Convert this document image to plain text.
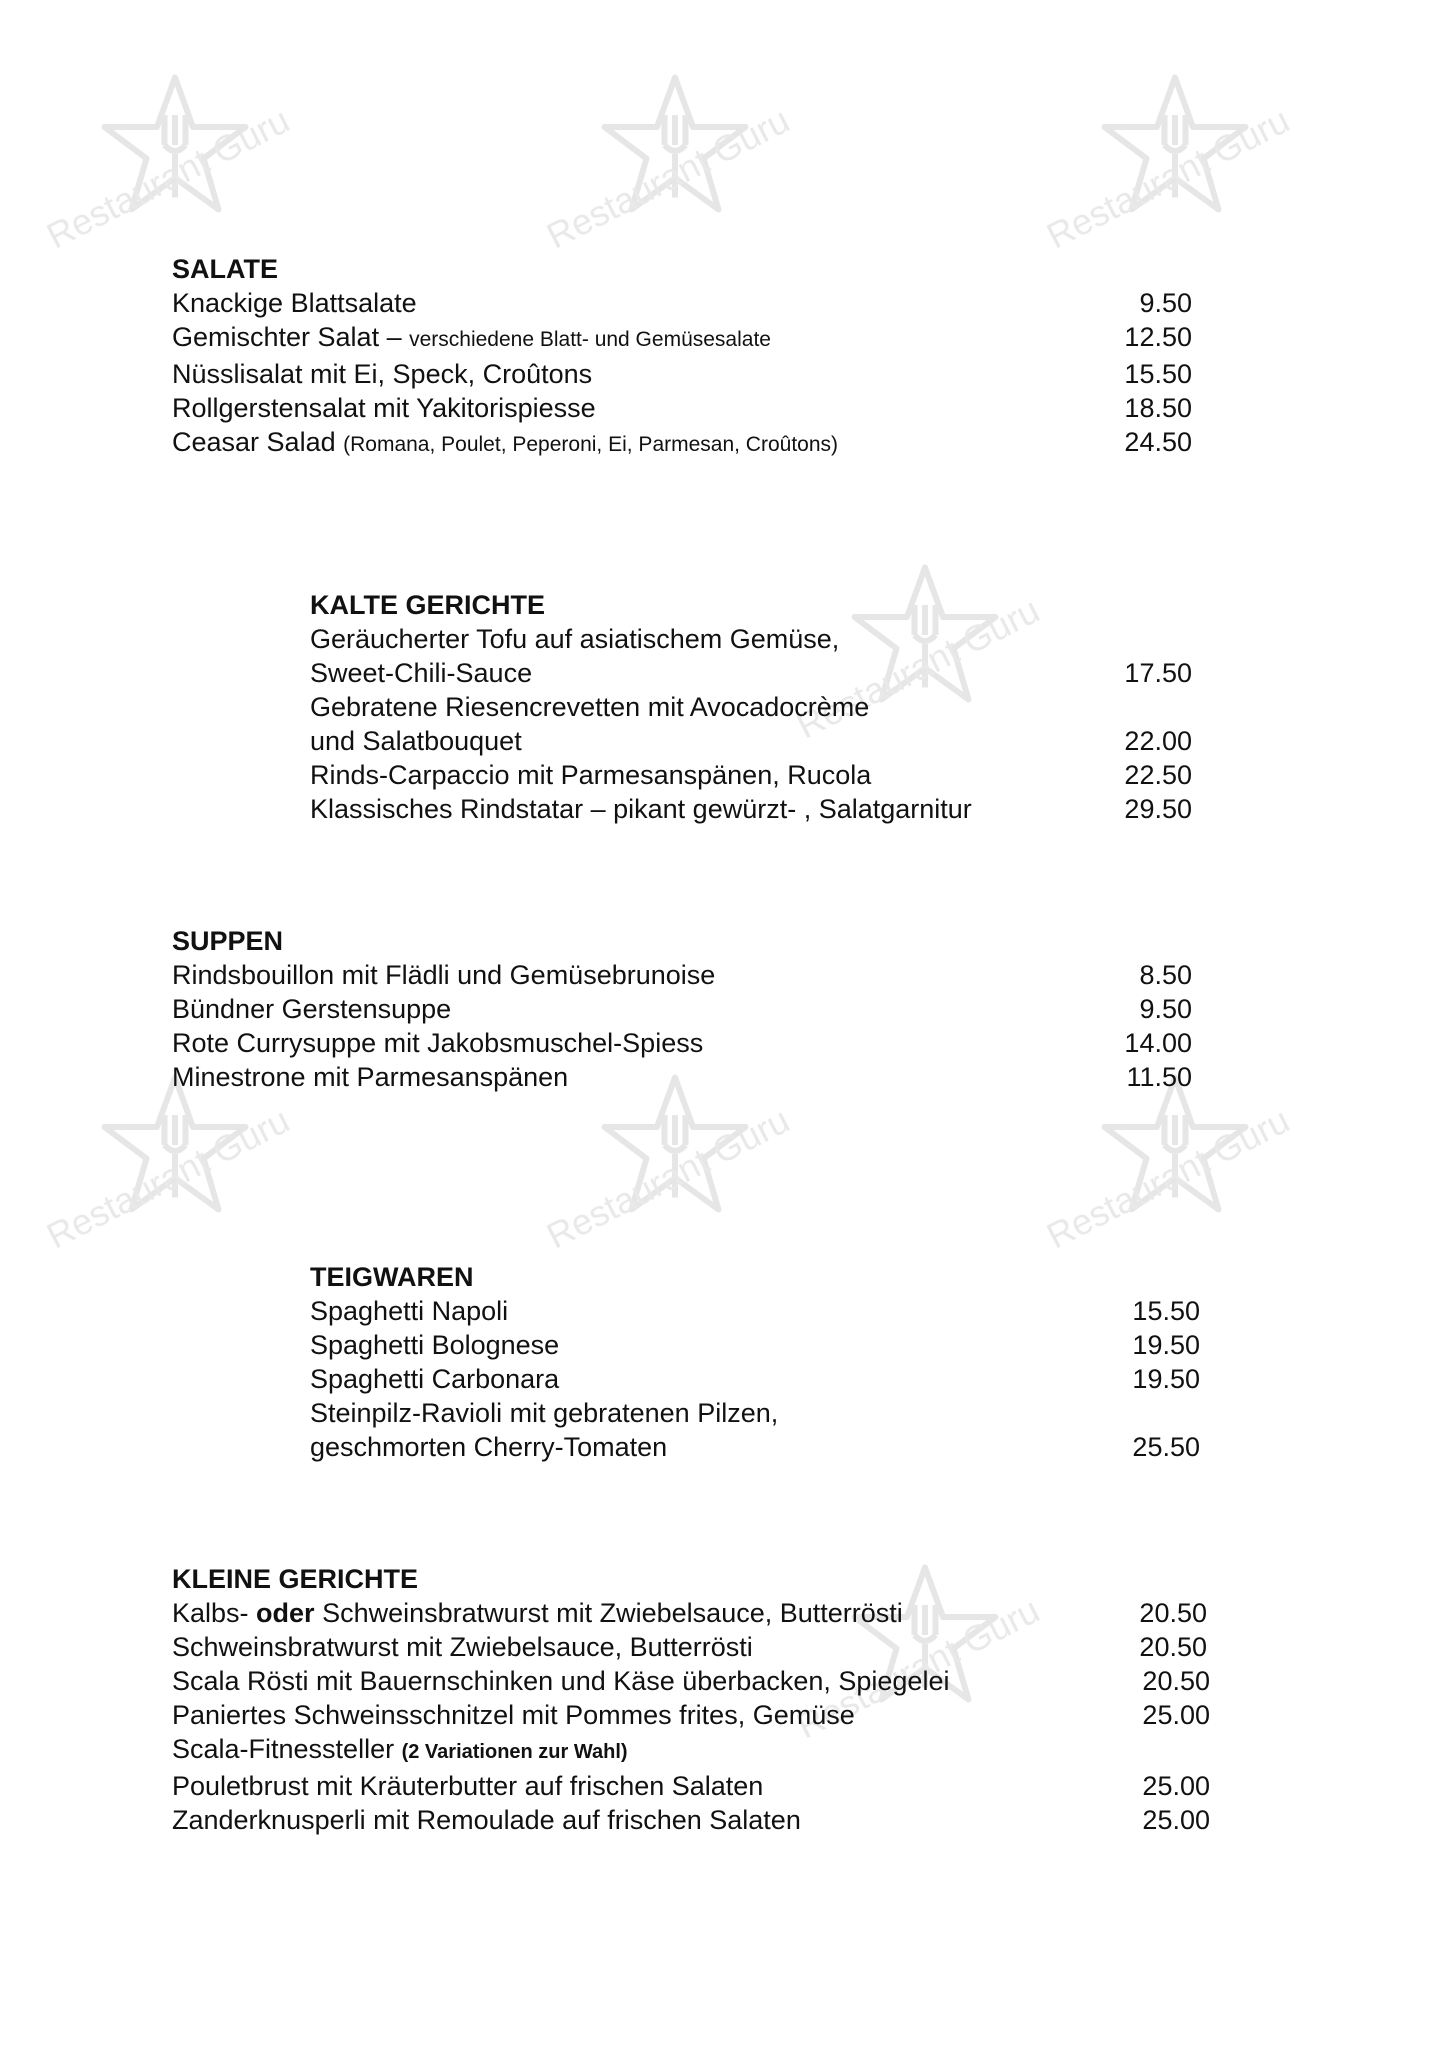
Restaurant Guru	Restaurant Guru	Restaurant Guru
Restaurant Guru
Restaurant Guru	Restaurant Guru	Restaurant Guru
Restaurant Guru
SALATE
Knackige Blattsalate	9.50
Gemischter Salat – verschiedene Blatt- und Gemüsesalate	12.50
Nüsslisalat mit Ei, Speck, Croûtons	15.50
Rollgerstensalat mit Yakitorispiesse	18.50
Ceasar Salad (Romana, Poulet, Peperoni, Ei, Parmesan, Croûtons)	24.50
KALTE GERICHTE
Geräucherter Tofu auf asiatischem Gemüse,
Sweet-Chili-Sauce	17.50
Gebratene Riesencrevetten mit Avocadocrème
und Salatbouquet	22.00
Rinds-Carpaccio mit Parmesanspänen, Rucola	22.50
Klassisches Rindstatar – pikant gewürzt- , Salatgarnitur	29.50
SUPPEN
Rindsbouillon mit Flädli und Gemüsebrunoise	8.50
Bündner Gerstensuppe	9.50
Rote Currysuppe mit Jakobsmuschel-Spiess	14.00
Minestrone mit Parmesanspänen	11.50
TEIGWAREN
Spaghetti Napoli	15.50
Spaghetti Bolognese	19.50
Spaghetti Carbonara	19.50
Steinpilz-Ravioli mit gebratenen Pilzen,
geschmorten Cherry-Tomaten	25.50
KLEINE GERICHTE
Kalbs- oder Schweinsbratwurst mit Zwiebelsauce, Butterrösti	20.50
Schweinsbratwurst mit Zwiebelsauce, Butterrösti	20.50
Scala Rösti mit Bauernschinken und Käse überbacken, Spiegelei	20.50
Paniertes Schweinsschnitzel mit Pommes frites, Gemüse	25.00
Scala-Fitnessteller (2 Variationen zur Wahl)
Pouletbrust mit Kräuterbutter auf frischen Salaten	25.00
Zanderknusperli mit Remoulade auf frischen Salaten	25.00
